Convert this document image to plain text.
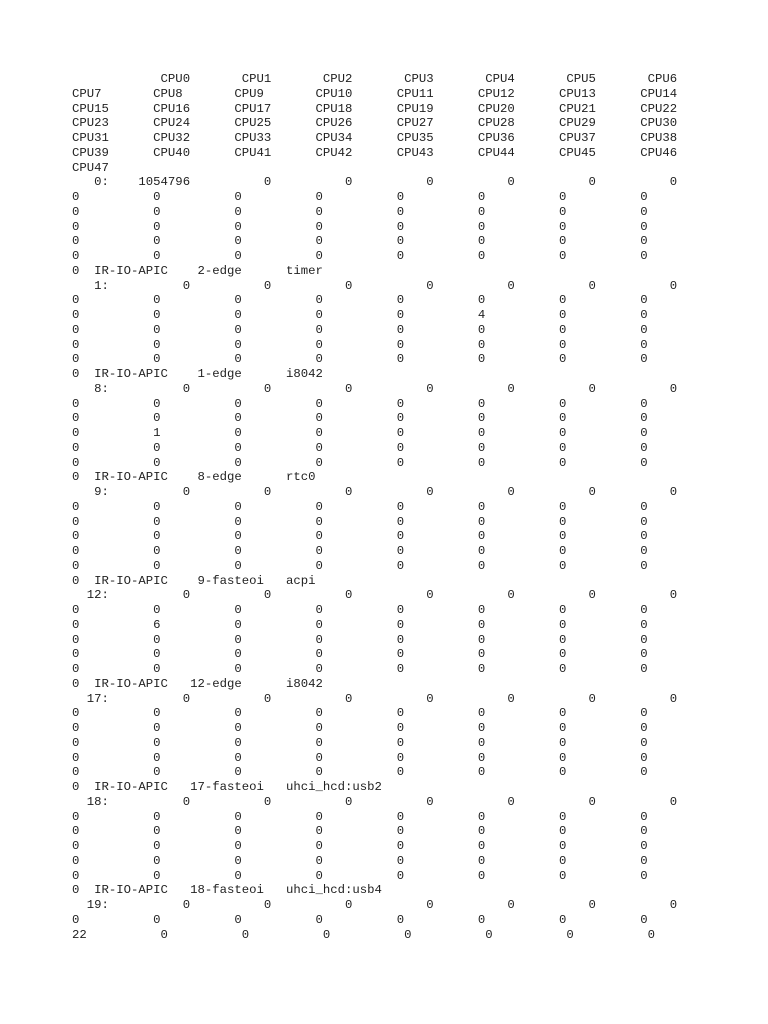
CPU0       CPU1       CPU2       CPU3       CPU4       CPU5       CPU6
CPU7       CPU8       CPU9       CPU10      CPU11      CPU12      CPU13      CPU14
CPU15      CPU16      CPU17      CPU18      CPU19      CPU20      CPU21      CPU22
CPU23      CPU24      CPU25      CPU26      CPU27      CPU28      CPU29      CPU30
CPU31      CPU32      CPU33      CPU34      CPU35      CPU36      CPU37      CPU38
CPU39      CPU40      CPU41      CPU42      CPU43      CPU44      CPU45      CPU46
CPU47
0:    1054796          0          0          0          0          0          0
0          0          0          0          0          0          0          0
0          0          0          0          0          0          0          0
0          0          0          0          0          0          0          0
0          0          0          0          0          0          0          0
0          0          0          0          0          0          0          0
0  IR-IO-APIC    2-edge      timer
1:          0          0          0          0          0          0          0
0          0          0          0          0          0          0          0
0          0          0          0          0          4          0          0
0          0          0          0          0          0          0          0
0          0          0          0          0          0          0          0
0          0          0          0          0          0          0          0
0  IR-IO-APIC    1-edge      i8042
8:          0          0          0          0          0          0          0
0          0          0          0          0          0          0          0
0          0          0          0          0          0          0          0
0          1          0          0          0          0          0          0
0          0          0          0          0          0          0          0
0          0          0          0          0          0          0          0
0  IR-IO-APIC    8-edge      rtc0
9:          0          0          0          0          0          0          0
0          0          0          0          0          0          0          0
0          0          0          0          0          0          0          0
0          0          0          0          0          0          0          0
0          0          0          0          0          0          0          0
0          0          0          0          0          0          0          0
0  IR-IO-APIC    9-fasteoi   acpi
12:          0          0          0          0          0          0          0
0          0          0          0          0          0          0          0
0          6          0          0          0          0          0          0
0          0          0          0          0          0          0          0
0          0          0          0          0          0          0          0
0          0          0          0          0          0          0          0
0  IR-IO-APIC   12-edge      i8042
17:          0          0          0          0          0          0          0
0          0          0          0          0          0          0          0
0          0          0          0          0          0          0          0
0          0          0          0          0          0          0          0
0          0          0          0          0          0          0          0
0          0          0          0          0          0          0          0
0  IR-IO-APIC   17-fasteoi   uhci_hcd:usb2
18:          0          0          0          0          0          0          0
0          0          0          0          0          0          0          0
0          0          0          0          0          0          0          0
0          0          0          0          0          0          0          0
0          0          0          0          0          0          0          0
0          0          0          0          0          0          0          0
0  IR-IO-APIC   18-fasteoi   uhci_hcd:usb4
19:          0          0          0          0          0          0          0
0          0          0          0          0          0          0          0
22          0          0          0          0          0          0          0
